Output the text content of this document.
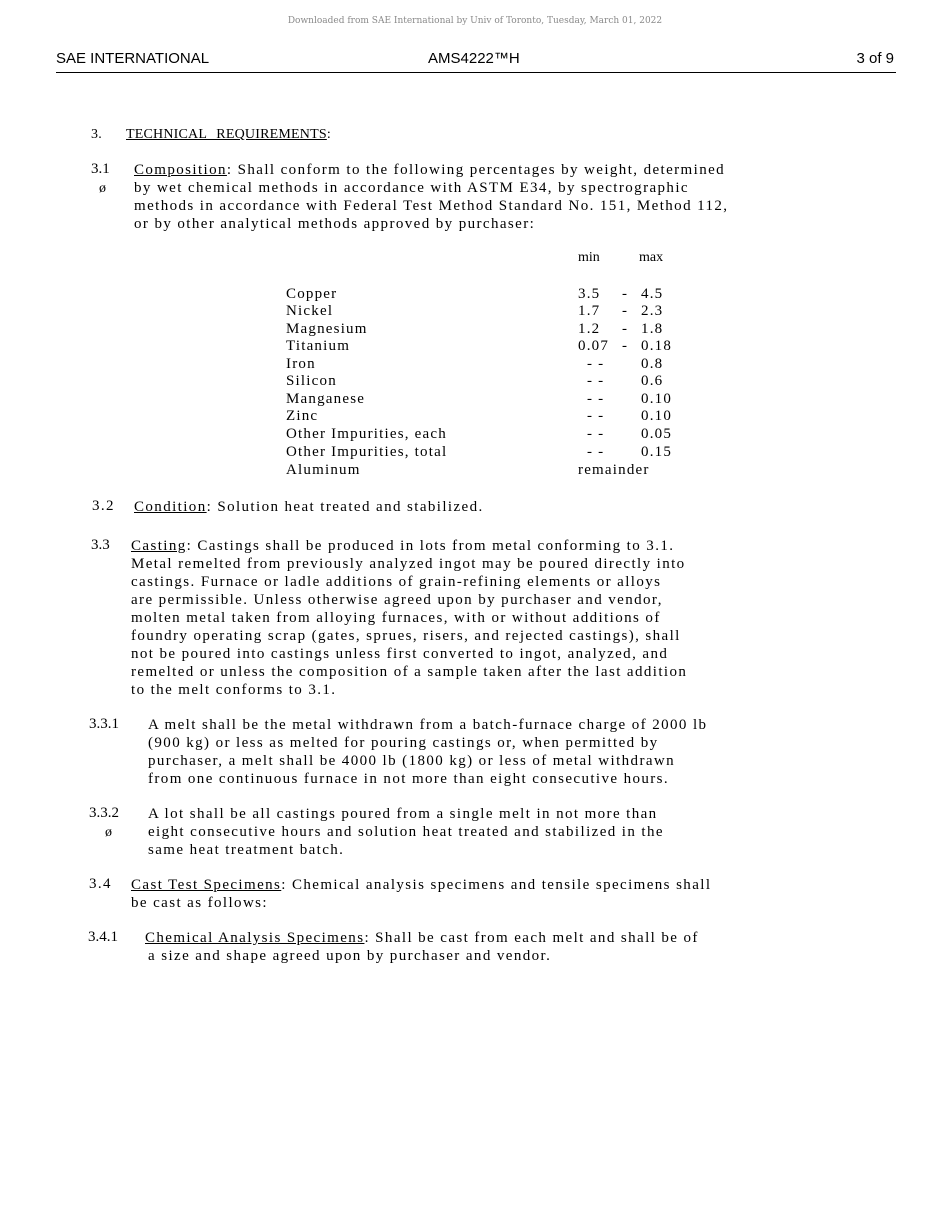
Downloaded from SAE International by Univ of Toronto, Tuesday, March 01, 2022
SAE INTERNATIONAL	AMS4222™H	3 of 9
3. TECHNICAL REQUIREMENTS:
3.1
ø
Composition: Shall conform to the following percentages by weight, determined
by wet chemical methods in accordance with ASTM E34, by spectrographic
methods in accordance with Federal Test Method Standard No. 151, Method 112,
or by other analytical methods approved by purchaser:
min	max
Copper	3.5 - 4.5
Nickel	1.7 - 2.3
Magnesium	1.2 - 1.8
Titanium	0.07 - 0.18
Iron	- - 0.8
Silicon	- - 0.6
Manganese	- - 0.10
Zinc	- - 0.10
Other Impurities, each	- - 0.05
Other Impurities, total	- - 0.15
Aluminum	remainder
3.2 Condition: Solution heat treated and stabilized.
3.3 Casting: Castings shall be produced in lots from metal conforming to 3.1.
Metal remelted from previously analyzed ingot may be poured directly into
castings. Furnace or ladle additions of grain-refining elements or alloys
are permissible. Unless otherwise agreed upon by purchaser and vendor,
molten metal taken from alloying furnaces, with or without additions of
foundry operating scrap (gates, sprues, risers, and rejected castings), shall
not be poured into castings unless first converted to ingot, analyzed, and
remelted or unless the composition of a sample taken after the last addition
to the melt conforms to 3.1.
3.3.1 A melt shall be the metal withdrawn from a batch-furnace charge of 2000 lb
(900 kg) or less as melted for pouring castings or, when permitted by
purchaser, a melt shall be 4000 lb (1800 kg) or less of metal withdrawn
from one continuous furnace in not more than eight consecutive hours.
3.3.2
ø
A lot shall be all castings poured from a single melt in not more than
eight consecutive hours and solution heat treated and stabilized in the
same heat treatment batch.
3.4 Cast Test Specimens: Chemical analysis specimens and tensile specimens shall
be cast as follows:
3.4.1 Chemical Analysis Specimens: Shall be cast from each melt and shall be of
a size and shape agreed upon by purchaser and vendor.
